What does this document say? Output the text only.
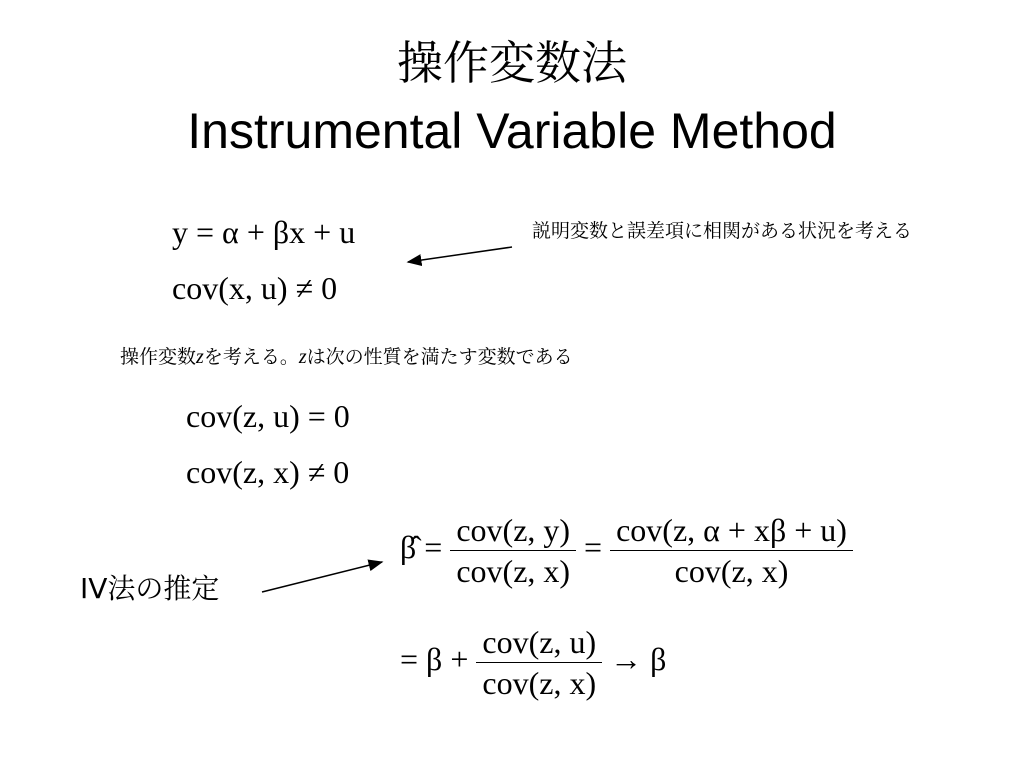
操作変数法
Instrumental Variable Method
y = α + βx + u
cov(x, u) ≠ 0
説明変数と誤差項に相関がある状況を考える
操作変数zを考える。zは次の性質を満たす変数である
cov(z, u) = 0
cov(z, x) ≠ 0
IV法の推定
β̂ = $\frac{\text{cov(z, y)}}{\text{cov(z, x)}} = \frac{\text{cov(z, α + xβ + u)}}{\text{cov(z, x)}}$
= $\beta + \frac{\text{cov(z, u)}}{\text{cov(z, x)}} \to \beta$
